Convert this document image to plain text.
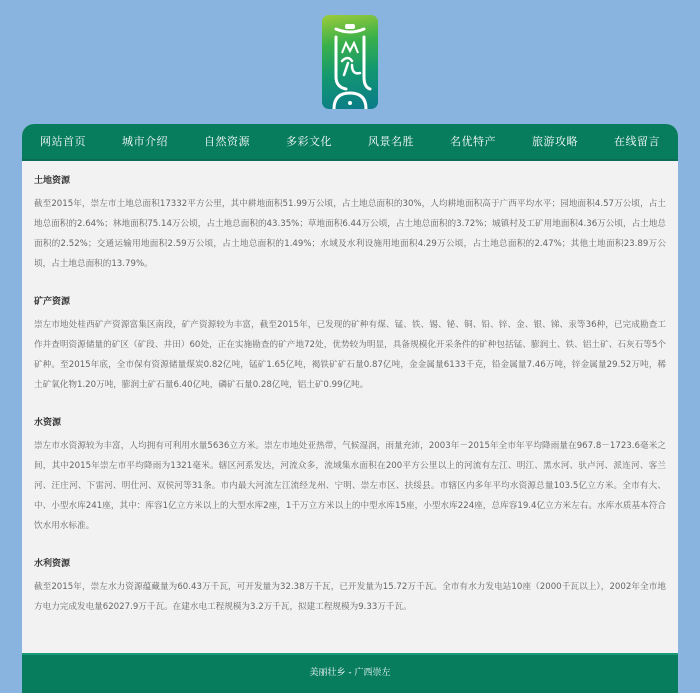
网站首页	城市介绍	自然资源	多彩文化	风景名胜	名优特产	旅游攻略	在线留言
土地资源

截至2015年，崇左市土地总面积17332平方公里，其中耕地面积51.99万公顷，占土地总面积的30%，人均耕地面积高于广西平均水平；园地面积4.57万公顷，占土地总面积的2.64%；林地面积75.14万公顷，占土地总面积的43.35%；草地面积6.44万公顷，占土地总面积的3.72%；城镇村及工矿用地面积4.36万公顷，占土地总面积的2.52%；交通运输用地面积2.59万公顷，占土地总面积的1.49%；水域及水利设施用地面积4.29万公顷，占土地总面积的2.47%；其他土地面积23.89万公顷，占土地总面积的13.79%。

矿产资源

崇左市地处桂西矿产资源富集区南段，矿产资源较为丰富，截至2015年，已发现的矿种有煤、锰、铁、锡、铋、铜、铅、锌、金、银、锑、汞等36种，已完成勘查工作并查明资源储量的矿区（矿段、井田）60处，正在实施勘查的矿产地72处，优势较为明显，具备规模化开采条件的矿种包括锰、膨润土、铁、铝土矿、石灰石等5个矿种。至2015年底，全市保有资源储量煤炭0.82亿吨，锰矿1.65亿吨，褐铁矿矿石量0.87亿吨，金金属量6133千克，铅金属量7.46万吨，锌金属量29.52万吨，稀土矿氧化物1.20万吨，膨润土矿石量6.40亿吨，磷矿石量0.28亿吨，铝土矿0.99亿吨。

水资源

崇左市水资源较为丰富，人均拥有可利用水量5636立方米。崇左市地处亚热带，气候湿润，雨量充沛，2003年－2015年全市年平均降雨量在967.8－1723.6毫米之间，其中2015年崇左市平均降雨为1321毫米。辖区河系发达，河流众多，流域集水面积在200平方公里以上的河流有左江、明江、黑水河、驮卢河、派连河、客兰河、汪庄河、下雷河、明仕河、双侯河等31条。市内最大河流左江流经龙州、宁明、崇左市区、扶绥县。市辖区内多年平均水资源总量103.5亿立方米。全市有大、中、小型水库241座，其中：库容1亿立方米以上的大型水库2座，1千万立方米以上的中型水库15座，小型水库224座，总库容19.4亿立方米左右。水库水质基本符合饮水用水标准。

水利资源

截至2015年，崇左水力资源蕴藏量为60.43万千瓦，可开发量为32.38万千瓦，已开发量为15.72万千瓦。全市有水力发电站10座（2000千瓦以上），2002年全市地方电力完成发电量62027.9万千瓦。在建水电工程规模为3.2万千瓦，拟建工程规模为9.33万千瓦。

美丽壮乡 - 广西崇左
